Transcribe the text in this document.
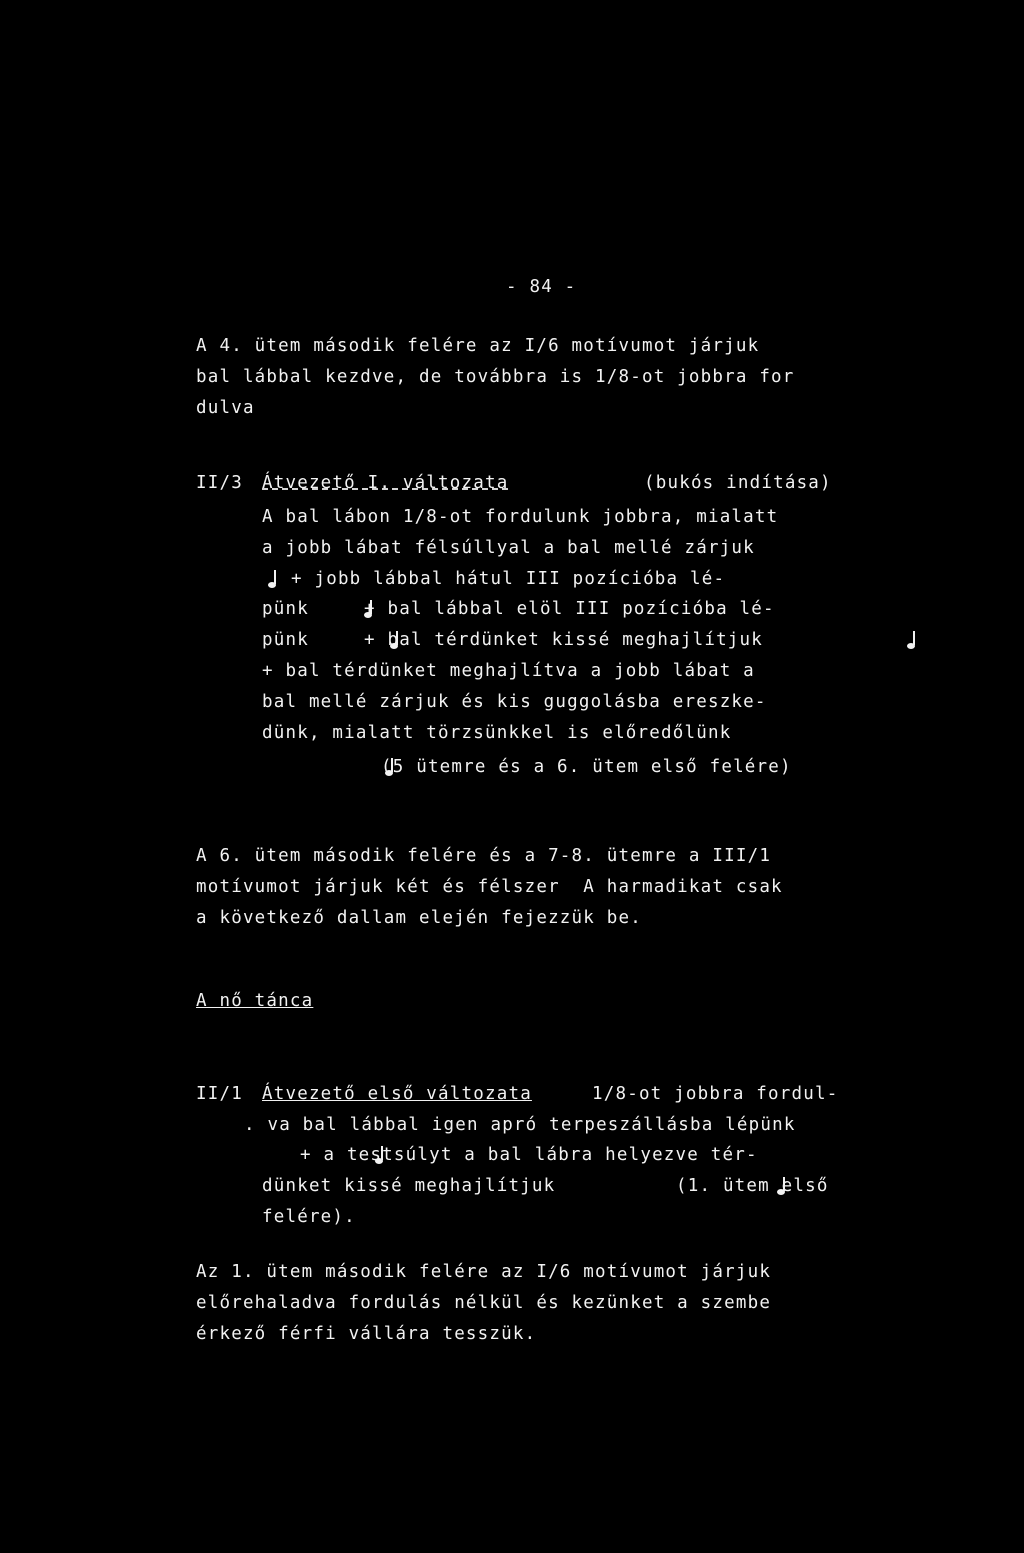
- 84 -
A 4. ütem második felére az I/6 motívumot járjuk
bal lábbal kezdve, de továbbra is 1/8-ot jobbra for
dulva
II/3 Átvezető I. változata	(bukós indítása)
A bal lábon 1/8-ot fordulunk jobbra, mialatt
a jobb lábat félsúllyal a bal mellé zárjuk

+ jobb lábbal hátul III pozícióba lé-
pünk

	+ bal lábbal elöl III pozícióba lé-
pünk

	+ bal térdünket kissé meghajlítjuk

+ bal térdünket meghajlítva a jobb lábat a
bal mellé zárjuk és kis guggolásba ereszke-
dünk, mialatt törzsünkkel is előredőlünk

(5 ütemre és a 6. ütem első felére)
A 6. ütem második felére és a 7-8. ütemre a III/1
motívumot járjuk két és félszer  A harmadikat csak
a következő dallam elején fejezzük be.
A nő tánca
II/1 Átvezető első változata	1/8-ot jobbra fordul-
. va bal lábbal igen apró terpeszállásba lépünk

+ a testsúlyt a bal lábra helyezve tér-
dünket kissé meghajlítjuk

	(1. ütem első
felére).
Az 1. ütem második felére az I/6 motívumot járjuk
előrehaladva fordulás nélkül és kezünket a szembe
érkező férfi vállára tesszük.
